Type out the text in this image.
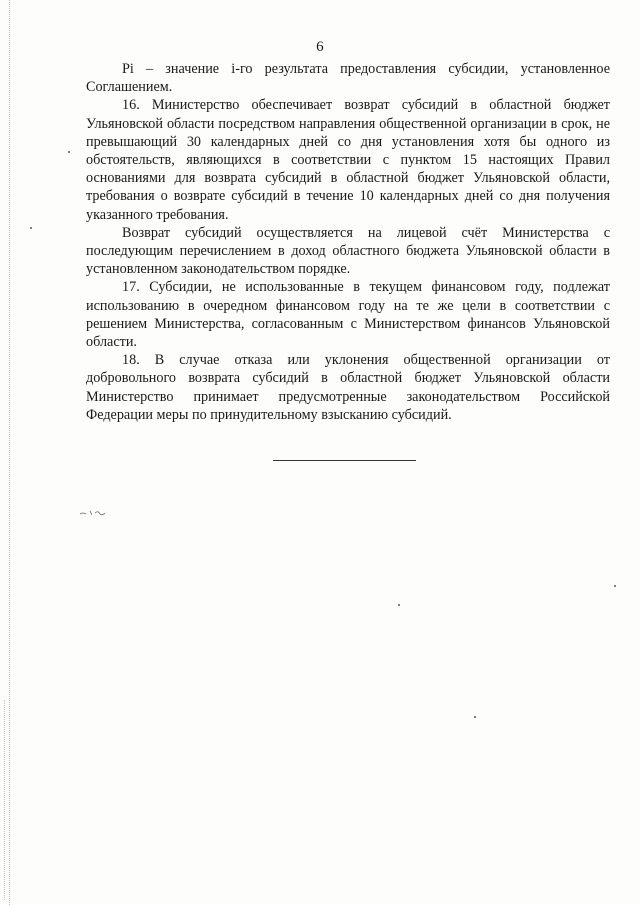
6

Pi – значение i-го результата предоставления субсидии, установленное Соглашением.

16. Министерство обеспечивает возврат субсидий в областной бюджет Ульяновской области посредством направления общественной организации в срок, не превышающий 30 календарных дней со дня установления хотя бы одного из обстоятельств, являющихся в соответствии с пунктом 15 настоящих Правил основаниями для возврата субсидий в областной бюджет Ульяновской области, требования о возврате субсидий в течение 10 календарных дней со дня получения указанного требования.

Возврат субсидий осуществляется на лицевой счёт Министерства с последующим перечислением в доход областного бюджета Ульяновской области в установленном законодательством порядке.

17. Субсидии, не использованные в текущем финансовом году, подлежат использованию в очередном финансовом году на те же цели в соответствии с решением Министерства, согласованным с Министерством финансов Ульяновской области.

18. В случае отказа или уклонения общественной организации от добровольного возврата субсидий в областной бюджет Ульяновской области Министерство принимает предусмотренные законодательством Российской Федерации меры по принудительному взысканию субсидий.
